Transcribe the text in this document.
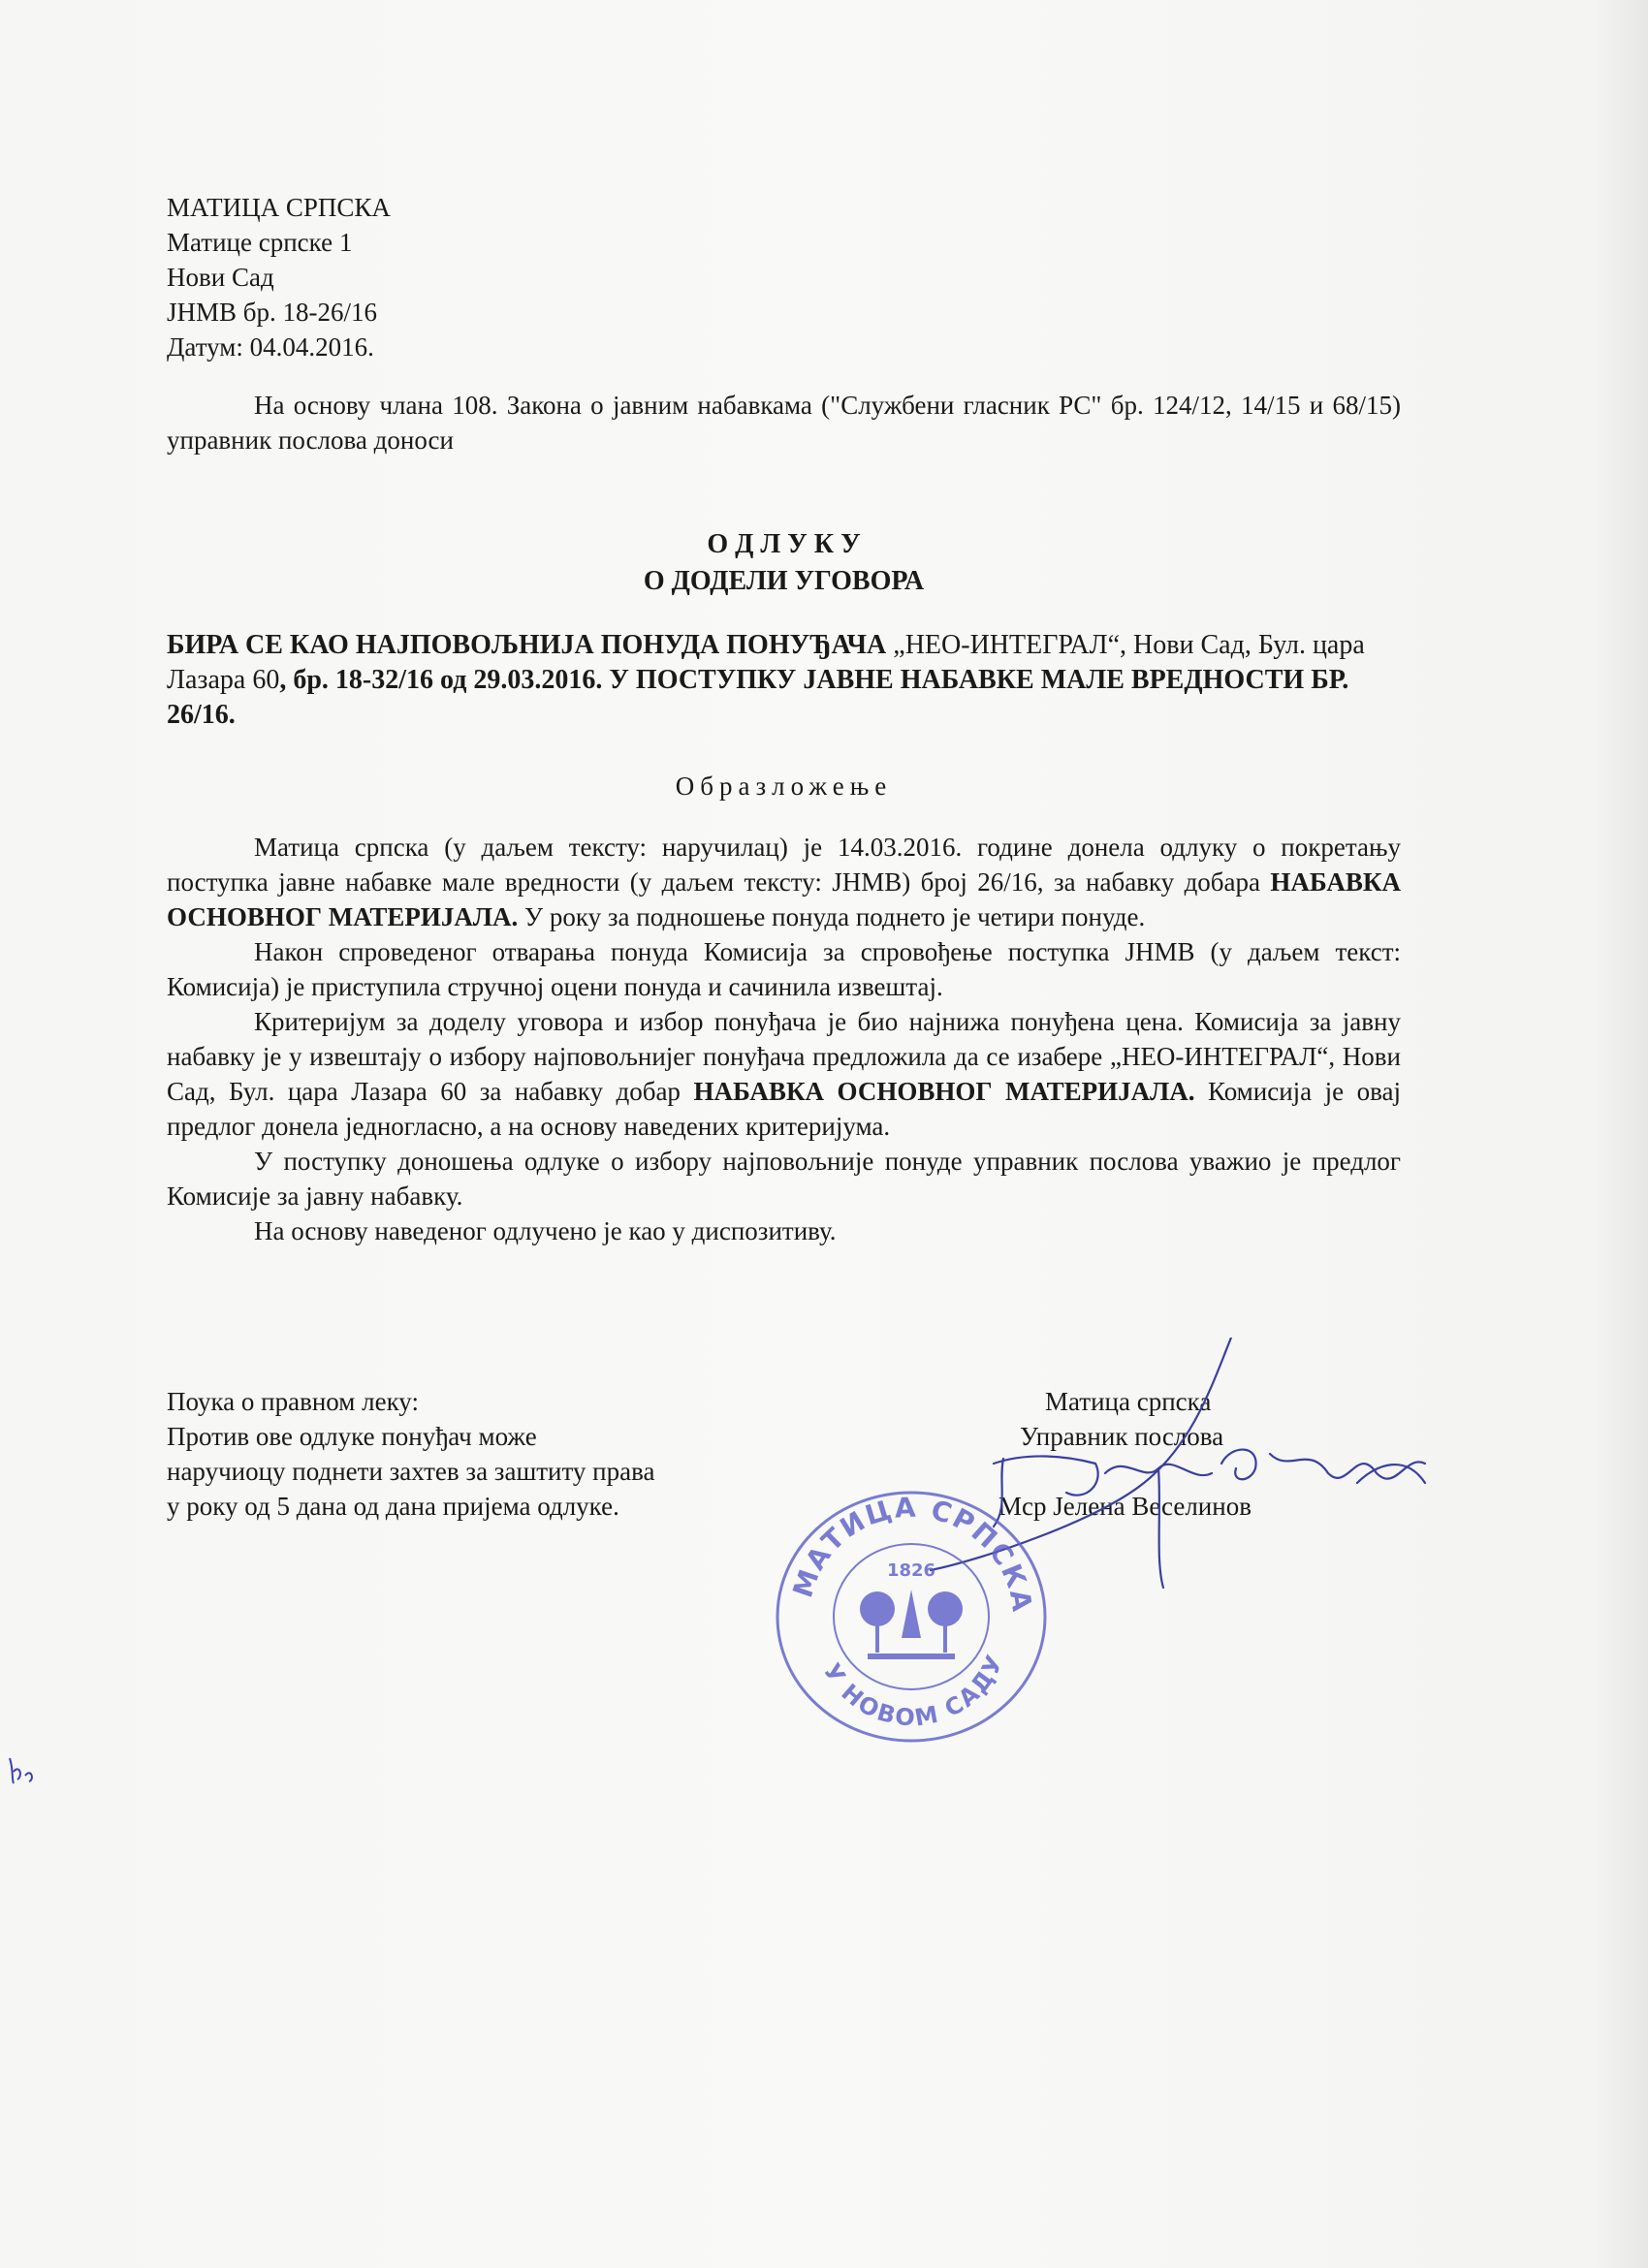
МАТИЦА СРПСКА
Матице српске 1
Нови Сад
ЈНМВ бр. 18-26/16
Датум: 04.04.2016.
На основу члана 108. Закона о јавним набавкама ("Службени гласник РС" бр. 124/12, 14/15 и 68/15) управник послова доноси
О Д Л У К У
О ДОДЕЛИ УГОВОРА
БИРА СЕ КАО НАЈПОВОЉНИЈА ПОНУДА ПОНУЂАЧА „НЕО-ИНТЕГРАЛ“, Нови Сад, Бул. цара Лазара 60, бр. 18-32/16 од 29.03.2016. У ПОСТУПКУ ЈАВНЕ НАБАВКЕ МАЛЕ ВРЕДНОСТИ БР. 26/16.
Образложење

Матица српска (у даљем тексту: наручилац) је 14.03.2016. године донела одлуку о покретању поступка јавне набавке мале вредности (у даљем тексту: ЈНМВ) број 26/16, за набавку добара НАБАВКА ОСНОВНОГ МАТЕРИЈАЛА. У року за подношење понуда поднето је четири понуде.

Након спроведеног отварања понуда Комисија за спровођење поступка ЈНМВ (у даљем текст: Комисија) је приступила стручној оцени понуда и сачинила извештај.

Критеријум за доделу уговора и избор понуђача је био најнижа понуђена цена. Комисија за јавну набавку је у извештају о избору најповољнијег понуђача предложила да се изабере „НЕО-ИНТЕГРАЛ“, Нови Сад, Бул. цара Лазара 60 за набавку добар НАБАВКА ОСНОВНОГ МАТЕРИЈАЛА. Комисија је овај предлог донела једногласно, а на основу наведених критеријума.

У поступку доношења одлуке о избору најповољније понуде управник послова уважио је предлог Комисије за јавну набавку.

На основу наведеног одлучено је као у диспозитиву.

Поука о правном леку:
Против ове одлуке понуђач може
наручиоцу поднети захтев за заштиту права
у року од 5 дана од дана пријема одлуке.
Матица српска
Управник послова
Мср Јелена Веселинов
МАТИЦА СРПСКА
У НОВОМ САДУ
1826
